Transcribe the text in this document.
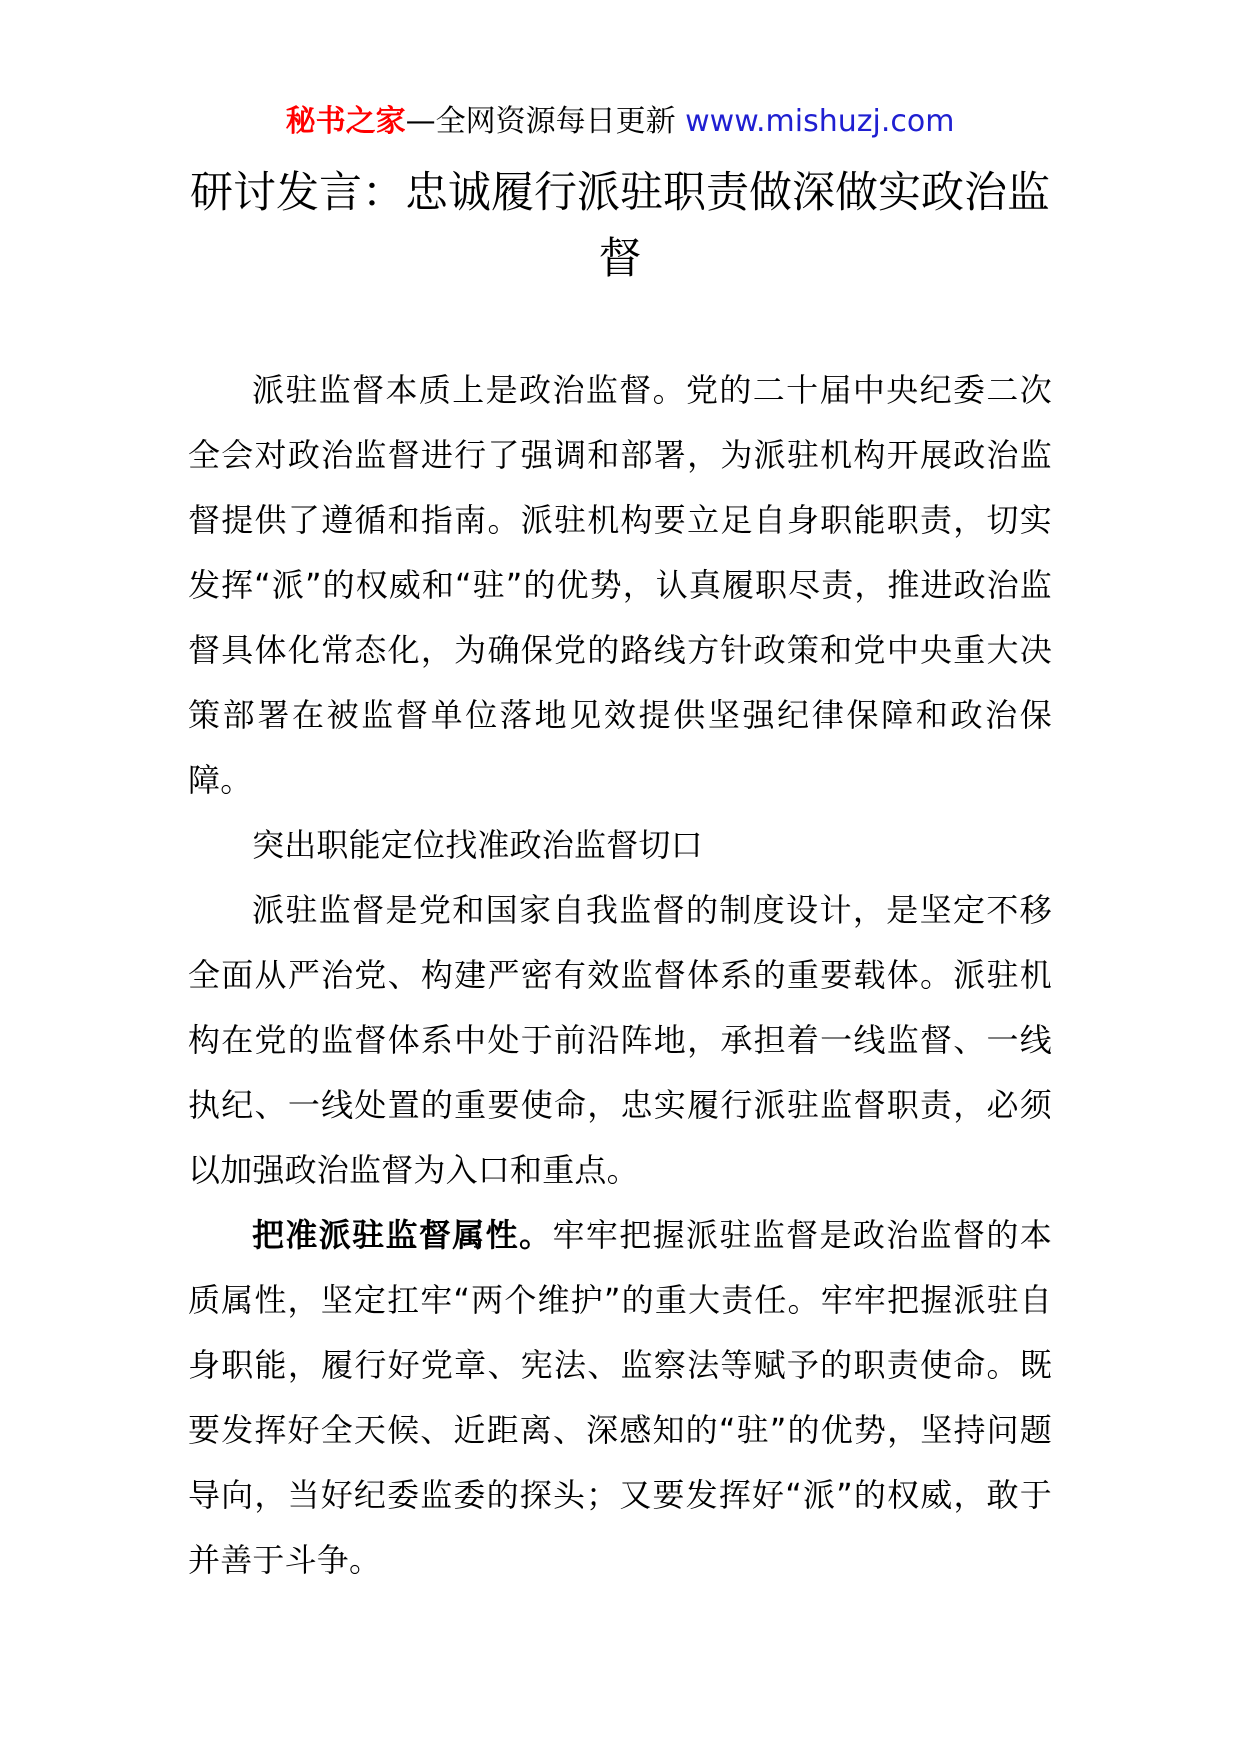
秘书之家—全网资源每日更新 www.mishuzj.com
研讨发言：忠诚履行派驻职责做深做实政治监督

派驻监督本质上是政治监督。党的二十届中央纪委二次全会对政治监督进行了强调和部署，为派驻机构开展政治监督提供了遵循和指南。派驻机构要立足自身职能职责，切实发挥“派”的权威和“驻”的优势，认真履职尽责，推进政治监督具体化常态化，为确保党的路线方针政策和党中央重大决策部署在被监督单位落地见效提供坚强纪律保障和政治保障。

突出职能定位找准政治监督切口

派驻监督是党和国家自我监督的制度设计，是坚定不移全面从严治党、构建严密有效监督体系的重要载体。派驻机构在党的监督体系中处于前沿阵地，承担着一线监督、一线执纪、一线处置的重要使命，忠实履行派驻监督职责，必须以加强政治监督为入口和重点。

把准派驻监督属性。牢牢把握派驻监督是政治监督的本质属性，坚定扛牢“两个维护”的重大责任。牢牢把握派驻自身职能，履行好党章、宪法、监察法等赋予的职责使命。既要发挥好全天候、近距离、深感知的“驻”的优势，坚持问题导向，当好纪委监委的探头；又要发挥好“派”的权威，敢于并善于斗争。
